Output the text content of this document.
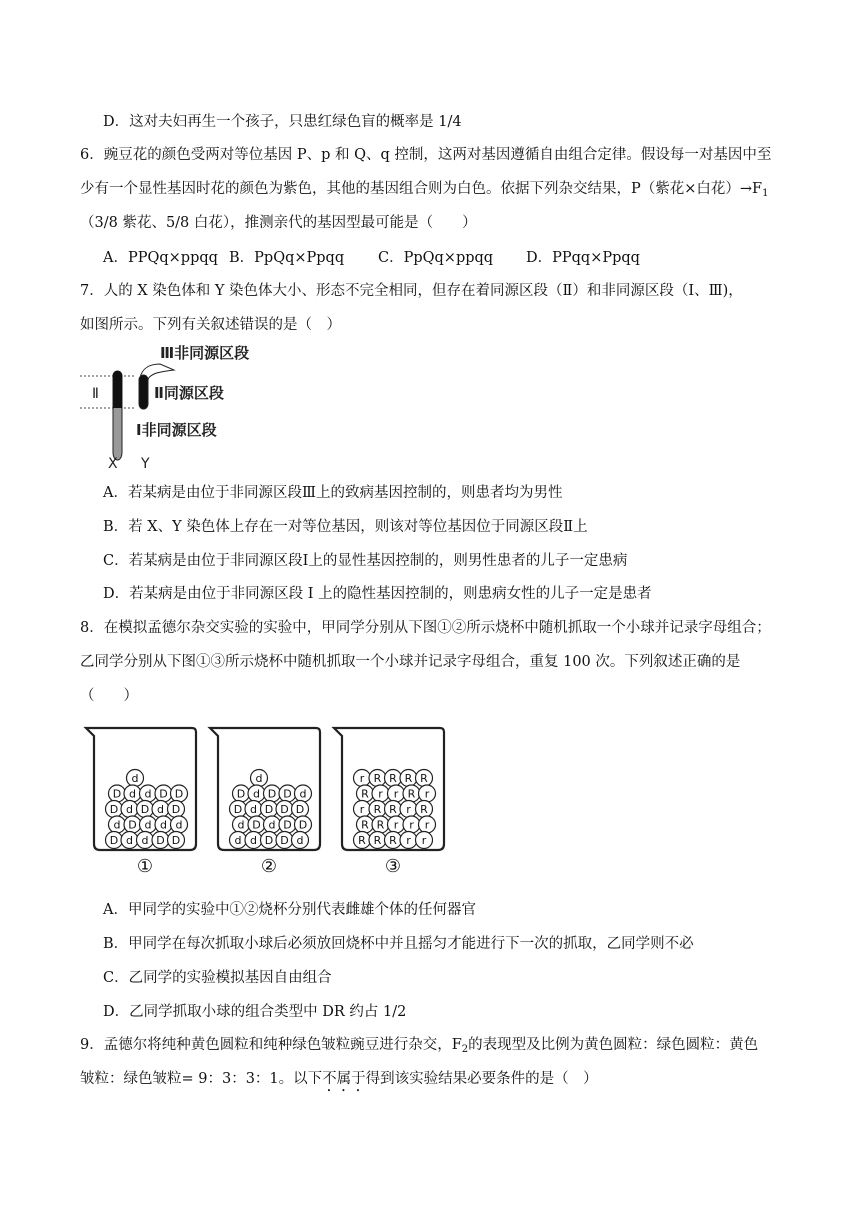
D．这对夫妇再生一个孩子，只患红绿色盲的概率是 1/4
6．豌豆花的颜色受两对等位基因 P、p 和 Q、q 控制，这两对基因遵循自由组合定律。假设每一对基因中至
少有一个显性基因时花的颜色为紫色，其他的基因组合则为白色。依据下列杂交结果，P（紫花×白花）$\to F_1$
（3/8 紫花、5/8 白花），推测亲代的基因型最可能是（　　）
A．PPQq×ppqq B．PpQq×Ppqq C．PpQq×ppqq D．PPqq×Ppqq
7．人的 X 染色体和 Y 染色体大小、形态不完全相同，但存在着同源区段（Ⅱ）和非同源区段（Ⅰ、Ⅲ)，
如图所示。下列有关叙述错误的是（　）
Ⅲ非同源区段
Ⅱ	Ⅱ同源区段
Ⅰ非同源区段
X Y
A．若某病是由位于非同源区段Ⅲ上的致病基因控制的，则患者均为男性
B．若 X、Y 染色体上存在一对等位基因，则该对等位基因位于同源区段Ⅱ上
C．若某病是由位于非同源区段Ⅰ上的显性基因控制的，则男性患者的儿子一定患病
D．若某病是由位于非同源区段 I 上的隐性基因控制的，则患病女性的儿子一定是患者
8．在模拟孟德尔杂交实验的实验中，甲同学分别从下图①②所示烧杯中随机抓取一个小球并记录字母组合；
乙同学分别从下图①③所示烧杯中随机抓取一个小球并记录字母组合，重复 100 次。下列叙述正确的是
（　　）
d
D d d D D
D d D d D
d D d d d
D d d D D
①
d
D d D D d
D d D D D
d D d D D
d d D D d
②
r R R R R
R r r R r
r R R r R
R R r r r
R R R r r
③
A．甲同学的实验中①②烧杯分别代表雌雄个体的任何器官
B．甲同学在每次抓取小球后必须放回烧杯中并且摇匀才能进行下一次的抓取，乙同学则不必
C．乙同学的实验模拟基因自由组合
D．乙同学抓取小球的组合类型中 DR 约占 1/2
9．孟德尔将纯种黄色圆粒和纯种绿色皱粒豌豆进行杂交，$F_2$的表现型及比例为黄色圆粒：绿色圆粒：黄色
皱粒：绿色皱粒= 9：3：3：1。以下不属于得到该实验结果必要条件的是（　）
